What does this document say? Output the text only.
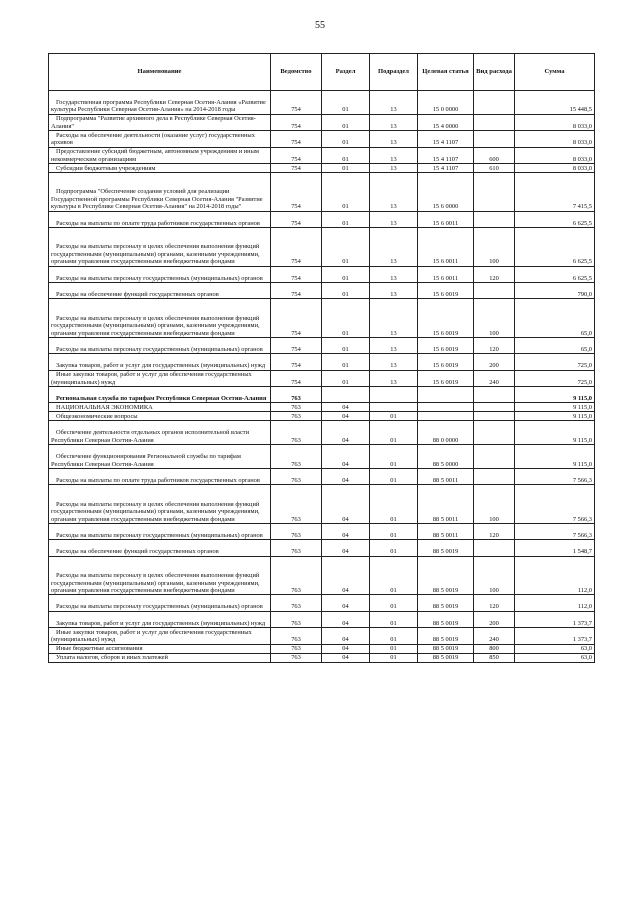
55
Наименование	Ведомство	Раздел	Подраздел	Целевая статья	Вид расхода	Сумма
Государственная программа Республики Северная Осетия-Алания «Развитие культуры Республики Северная Осетия-Алания» на 2014-2018 годы	754	01	13	15 0 0000		15 448,5
Подпрограмма "Развитие архивного дела в Республике Северная Осетия-Алания"	754	01	13	15 4 0000		8 033,0
Расходы на обеспечение деятельности (оказание услуг) государственных архивов	754	01	13	15 4 1107		8 033,0
Предоставление субсидий бюджетным, автономным учреждениям и иным некоммерческим организациям	754	01	13	15 4 1107	600	8 033,0
Субсидии бюджетным учреждениям	754	01	13	15 4 1107	610	8 033,0
Подпрограмма "Обеспечение создания условий для реализации Государственной программы Республики Северная Осетия-Алания "Развитие культуры в Республике Северная Осетия-Алания" на 2014-2018 годы"	754	01	13	15 6 0000		7 415,5
Расходы на выплаты по оплате труда работников государственных органов	754	01	13	15 6 0011		6 625,5
Расходы на выплаты персоналу в целях обеспечения выполнения функций государственными (муниципальными) органами, казенными учреждениями, органами управления государственными внебюджетными фондами	754	01	13	15 6 0011	100	6 625,5
Расходы на выплаты персоналу государственных (муниципальных) органов	754	01	13	15 6 0011	120	6 625,5
Расходы на обеспечение функций государственных органов	754	01	13	15 6 0019		790,0
Расходы на выплаты персоналу в целях обеспечения выполнения функций государственными (муниципальными) органами, казенными учреждениями, органами управления государственными внебюджетными фондами	754	01	13	15 6 0019	100	65,0
Расходы на выплаты персоналу государственных (муниципальных) органов	754	01	13	15 6 0019	120	65,0
Закупка товаров, работ и услуг для государственных (муниципальных) нужд	754	01	13	15 6 0019	200	725,0
Иные закупки товаров, работ и услуг для обеспечения государственных (муниципальных) нужд	754	01	13	15 6 0019	240	725,0
Региональная служба по тарифам Республики Северная Осетия-Алания	763					9 115,0
НАЦИОНАЛЬНАЯ ЭКОНОМИКА	763	04				9 115,0
Общеэкономические вопросы	763	04	01			9 115,0
Обеспечение деятельности отдельных органов исполнительной власти Республики Северная Осетия-Алания	763	04	01	88 0 0000		9 115,0
Обеспечение функционирования Региональной службы по тарифам Республики Северная Осетия-Алания	763	04	01	88 5 0000		9 115,0
Расходы на выплаты по оплате труда работников государственных органов	763	04	01	88 5 0011		7 566,3
Расходы на выплаты персоналу в целях обеспечения выполнения функций государственными (муниципальными) органами, казенными учреждениями, органами управления государственными внебюджетными фондами	763	04	01	88 5 0011	100	7 566,3
Расходы на выплаты персоналу государственных (муниципальных) органов	763	04	01	88 5 0011	120	7 566,3
Расходы на обеспечение функций государственных органов	763	04	01	88 5 0019		1 548,7
Расходы на выплаты персоналу в целях обеспечения выполнения функций государственными (муниципальными) органами, казенными учреждениями, органами управления государственными внебюджетными фондами	763	04	01	88 5 0019	100	112,0
Расходы на выплаты персоналу государственных (муниципальных) органов	763	04	01	88 5 0019	120	112,0
Закупка товаров, работ и услуг для государственных (муниципальных) нужд	763	04	01	88 5 0019	200	1 373,7
Иные закупки товаров, работ и услуг для обеспечения государственных (муниципальных) нужд	763	04	01	88 5 0019	240	1 373,7
Иные бюджетные ассигнования	763	04	01	88 5 0019	800	63,0
Уплата налогов, сборов и иных платежей	763	04	01	88 5 0019	850	63,0
